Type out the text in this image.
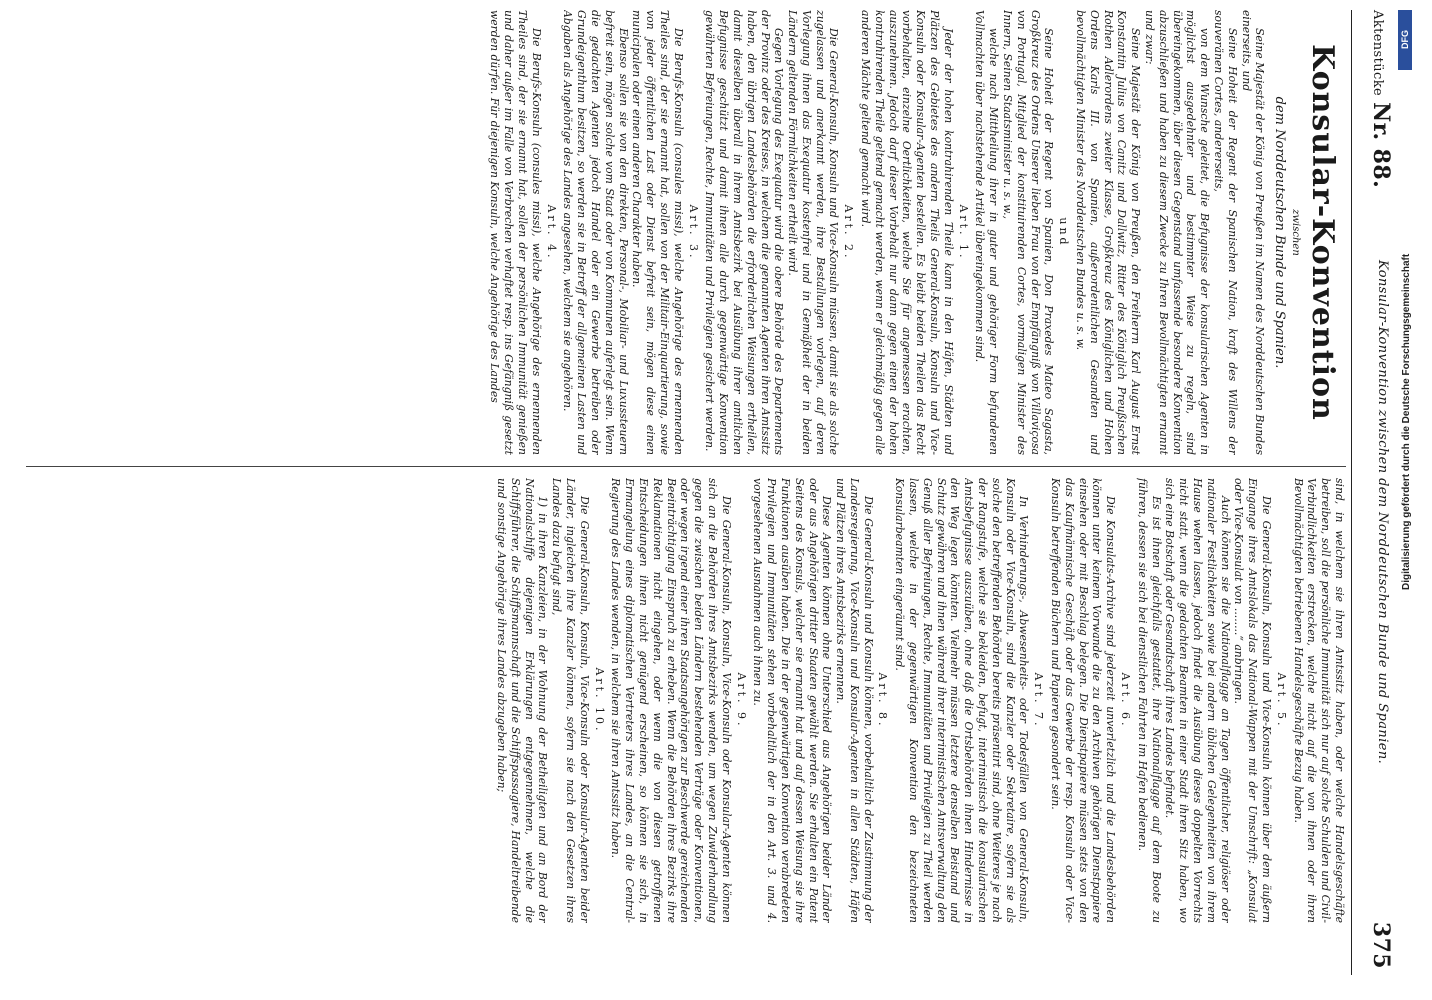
AktenstückeNr. 88.
Konsular-Konvention zwischen dem Norddeutschen Bunde und Spanien.
375
Konsular-Konvention
zwischen
dem Norddeutschen Bunde und Spanien.

Seine Majestät der König von Preußen im Namen des Norddeutschen Bundes einerseits, und

Seine Hoheit der Regent der Spanischen Nation, kraft des Willens der souveränen Cortes, andererseits,

von dem Wunsche geleitet, die Befugnisse der konsularischen Agenten in möglichst ausgedehnter und bestimmter Weise zu regeln, sind übereingekommen, über diesen Gegenstand umfassende besondere Konvention abzuschließen und haben zu diesem Zwecke zu Ihren Bevollmächtigten ernannt und zwar:

Seine Majestät der König von Preußen, den Freiherrn Karl August Ernst Konstantin Julius von Canitz und Dallwitz, Ritter des Königlich Preußischen Rothen Adlerordens zweiter Klasse, Großkreuz des Königlichen und Hohen Ordens Karls III. von Spanien, außerordentlichen Gesandten und bevollmächtigten Minister des Norddeutschen Bundes u. s. w.

und

Seine Hoheit der Regent von Spanien, Don Praxedes Mateo Sagasta, Großkreuz des Ordens Unserer lieben Frau von der Empfängniß von Villaviçosa von Portugal, Mitglied der konstituirenden Cortes, vormaligen Minister des Innern, Seinen Staatsminister u. s. w.,

welche nach Mittheilung ihrer in guter und gehöriger Form befundenen Vollmachten über nachstehende Artikel übereingekommen sind.

Art. 1.

Jeder der hohen kontrahirenden Theile kann in den Häfen, Städten und Plätzen des Gebietes des andern Theils General-Konsuln, Konsuln und Vice-Konsuln oder Konsular-Agenten bestellen. Es bleibt beiden Theilen das Recht vorbehalten, einzelne Oertlichkeiten, welche Sie für angemessen erachten, auszunehmen. Jedoch darf dieser Vorbehalt nur dann gegen einen der hohen kontrahirenden Theile geltend gemacht werden, wenn er gleichmäßig gegen alle anderen Mächte geltend gemacht wird.

Art. 2.

Die General-Konsuln, Konsuln und Vice-Konsuln müssen, damit sie als solche zugelassen und anerkannt werden, ihre Bestallungen vorlegen, auf deren Vorlegung ihnen das Exequatur kostenfrei und in Gemäßheit der in beiden Ländern geltenden Förmlichkeiten ertheilt wird.

Gegen Vorlegung des Exequatur wird die obere Behörde des Departements der Provinz oder des Kreises, in welchem die genannten Agenten ihren Amtssitz haben, den übrigen Landesbehörden die erforderlichen Weisungen ertheilen, damit dieselben überall in ihrem Amtsbezirk bei Ausübung ihrer amtlichen Befugnisse geschützt und damit ihnen alle durch gegenwärtige Konvention gewährten Befreiungen, Rechte, Immunitäten und Privilegien gesichert werden.

Art. 3.

Die Berufs-Konsuln (consules missi), welche Angehörige des ernennenden Theiles sind, der sie ernannt hat, sollen von der Militair-Einquartierung, sowie von jeder öffentlichen Last oder Dienst befreit sein, mögen diese einen municipalen oder einen anderen Charakter haben.

Ebenso sollen sie von den direkten, Personal-, Mobiliar- und Luxussteuern befreit sein, mögen solche vom Staat oder von Kommunen auferlegt sein. Wenn die gedachten Agenten jedoch Handel oder ein Gewerbe betreiben oder Grundeigenthum besitzen, so werden sie in Betreff der allgemeinen Lasten und Abgaben als Angehörige des Landes angesehen, welchem sie angehören.

Art. 4.

Die Berufs-Konsuln (consules missi), welche Angehörige des ernennenden Theiles sind, der sie ernannt hat, sollen der persönlichen Immunität genießen und daher außer im Falle von Verbrechen verhaftet resp. ins Gefängniß gesetzt werden dürfen. Für diejenigen Konsuln, welche Angehörige des Landes

sind, in welchem sie ihren Amtssitz haben, oder welche Handelsgeschäfte betreiben, soll die persönliche Immunität sich nur auf solche Schulden und Civil-Verbindlichkeiten erstrecken, welche nicht auf die von ihnen oder ihren Bevollmächtigten betriebenen Handelsgeschäfte Bezug haben.

Art. 5.

Die General-Konsuln, Konsuln und Vice-Konsuln können über dem äußern Eingange ihres Amtslokals das National-Wappen mit der Umschrift: „Konsulat oder Vice-Konsulat von ........“ anbringen.

Auch können sie die Nationalflagge an Tagen öffentlicher, religiöser oder nationaler Festlichkeiten sowie bei andern üblichen Gelegenheiten von ihrem Hause wehen lassen, jedoch findet die Ausübung dieses doppelten Vorrechts nicht statt, wenn die gedachten Beamten in einer Stadt ihren Sitz haben, wo sich eine Botschaft oder Gesandtschaft ihres Landes befindet.

Es ist ihnen gleichfalls gestattet, ihre Nationalflagge auf dem Boote zu führen, dessen sie sich bei dienstlichen Fahrten im Hafen bedienen.

Art. 6.

Die Konsulats-Archive sind jederzeit unverletzlich und die Landesbehörden können unter keinem Vorwande die zu den Archiven gehörigen Dienstpapiere einsehen oder mit Beschlag belegen. Die Dienstpapiere müssen stets von den das Kaufmännische Geschäft oder das Gewerbe der resp. Konsuln oder Vice-Konsuln betreffenden Büchern und Papieren gesondert sein.

Art. 7.

In Verhinderungs-, Abwesenheits- oder Todesfällen von General-Konsuln, Konsuln oder Vice-Konsuln, sind die Kanzler oder Sekretaire, sofern sie als solche den betreffenden Behörden bereits präsentirt sind, ohne Weiteres je nach der Rangstufe, welche sie bekleiden, befugt, interimistisch die konsularischen Amtsbefugnisse auszuüben, ohne daß die Ortsbehörden ihnen Hindernisse in den Weg legen könnten. Vielmehr müssen letztere denselben Beistand und Schutz gewähren und ihnen während ihrer interimistischen Amtsverwaltung den Genuß aller Befreiungen, Rechte, Immunitäten und Privilegien zu Theil werden lassen, welche in der gegenwärtigen Konvention den bezeichneten Konsularbeamten eingeräumt sind.

Art. 8.

Die General-Konsuln und Konsuln können, vorbehaltlich der Zustimmung der Landesregierung, Vice-Konsuln und Konsular-Agenten in allen Städten, Häfen und Plätzen ihres Amtsbezirks ernennen.

Diese Agenten können ohne Unterschied aus Angehörigen beider Länder oder aus Angehörigen dritter Staaten gewählt werden. Sie erhalten ein Patent Seitens des Konsuls, welcher sie ernannt hat und auf dessen Weisung sie ihre Funktionen ausüben haben. Die in der gegenwärtigen Konvention verabredeten Privilegien und Immunitäten stehen vorbehaltlich der in den Art. 3. und 4. vorgesehenen Ausnahmen auch ihnen zu.

Art. 9.

Die General-Konsuln, Konsuln, Vice-Konsuln oder Konsular-Agenten können sich an die Behörden ihres Amtsbezirks wenden, um wegen Zuwiderhandlung gegen die zwischen beiden Ländern bestehenden Verträge oder Konventionen, oder wegen irgend einer ihren Staatsangehörigen zur Beschwerde gereichenden Beeinträchtigung Einspruch zu erheben. Wenn die Behörden ihres Bezirks ihre Reklamationen nicht eingehen, oder wenn die von diesen getroffenen Entscheidungen ihnen nicht genügend erscheinen, so können sie sich, in Ermangelung eines diplomatischen Vertreters ihres Landes, an die Central-Regierung des Landes wenden, in welchem sie ihren Amtssitz haben.

Art. 10.

Die General-Konsuln, Konsuln, Vice-Konsuln oder Konsular-Agenten beider Länder, ingleichen ihre Kanzler können, sofern sie nach den Gesetzen ihres Landes dazu befugt sind,

1) in ihren Kanzleien, in der Wohnung der Betheiligten und an Bord der Nationalschiffe diejenigen Erklärungen entgegennehmen, welche die Schiffsführer, die Schiffsmannschaft und die Schiffspassagiere, Handeltreibende und sonstige Angehörige ihres Landes abzugeben haben;

DFG
Digitalisierung gefördert durch die Deutsche Forschungsgemeinschaft
